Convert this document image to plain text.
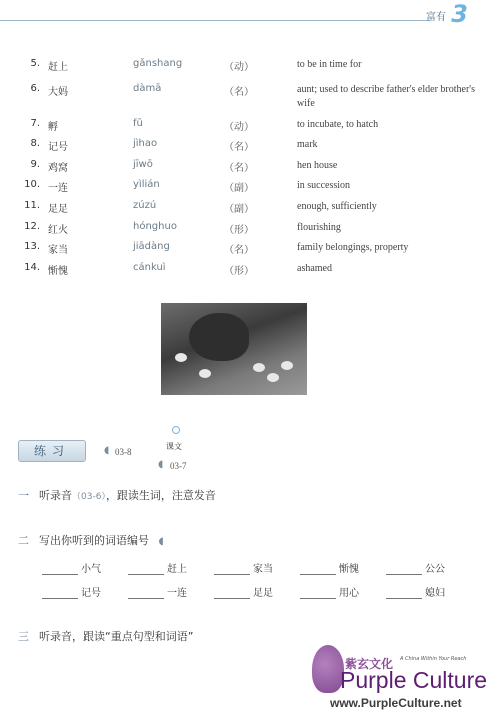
富有 3
5. 赶上	gǎnshang	（动）	to be in time for
6. 大妈	dàmā	（名）	aunt; used to describe father's elder brother's wife
7. 孵	fū	（动）	to incubate, to hatch
8. 记号	jìhao	（名）	mark
9. 鸡窝	jīwō	（名）	hen house
10. 一连	yìlián	（副）	in succession
11. 足足	zúzú	（副）	enough, sufficiently
12. 红火	hónghuo	（形）	flourishing
13. 家当	jiādàng	（名）	family belongings, property
14. 惭愧	cánkuì	（形）	ashamed
练习	◖ 03-8
课文
◖ 03-7
一 听录音（03-6），跟读生词，注意发音
二 写出你听到的词语编号 ◖
小气	赶上	家当	惭愧	公公
记号	一连	足足	用心	媳妇
三 听录音，跟读“重点句型和词语”
紫玄文化 A China Within Your Reach
Purple Culture
www.PurpleCulture.net
